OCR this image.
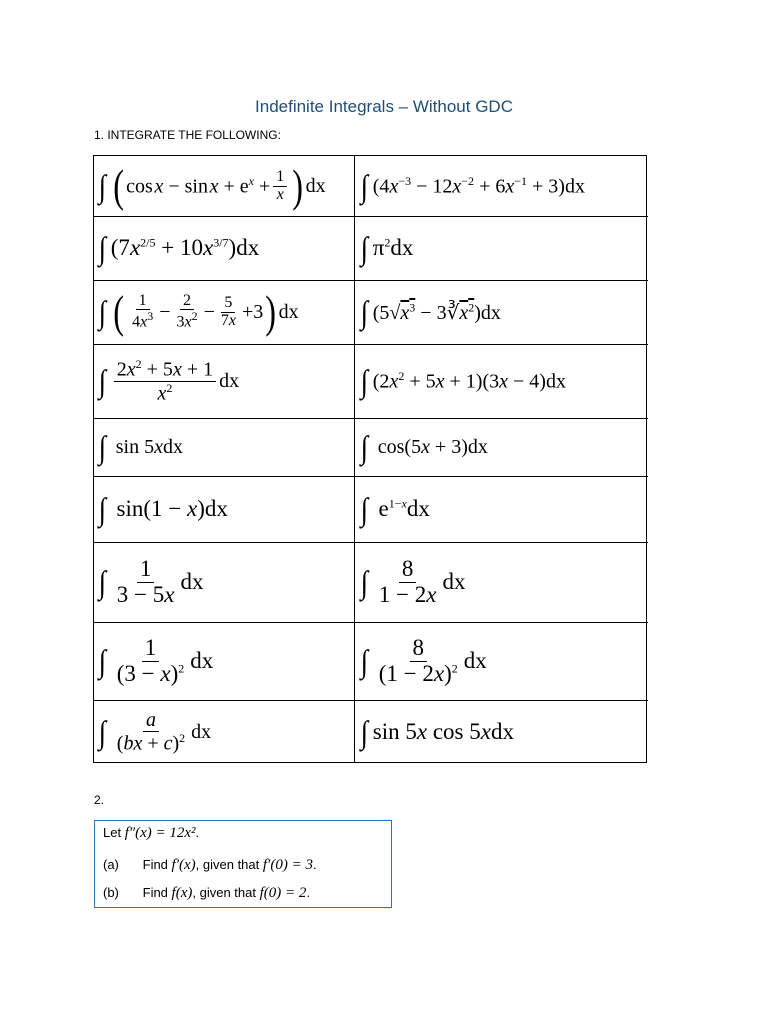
Indefinite Integrals – Without GDC
1. INTEGRATE THE FOLLOWING:
∫ ( cos x − sin $x + e^x + \frac{1}{x}$ ) dx ∫ $(4x^{-3} - 12x^{-2} + 6x^{-1} + 3)dx$
∫ $(7x^{2/5} + 10x^{3/7})dx$	∫ $\pi^2dx$
∫ ( $\frac{1}{4x^3} - \frac{2}{3x^2} - \frac{5}{7x} +3$ ) dx ∫ ($5√x^3$ − $3∛x^2)dx$
∫ $\frac{2x^2 + 5x + 1}{x^2}$ dx	∫ $(2x^2 + 5x + 1)(3x - 4)dx$
∫ sin 5xdx	∫ cos(5x + 3)dx
∫ sin(1 − x)dx	∫ $e^{1-x}dx$
∫ $\frac{1}{3 - 5x}$ dx	∫ $\frac{8}{1 - 2x}$ dx
∫ $\frac{1}{(3 - x)^2}$ dx	∫ $\frac{8}{(1 - 2x)^2}$ dx
∫ $\frac{a}{(bx + c)^2}$ dx	∫ sin 5x cos 5xdx
2.
Let f″(x) = 12x².
(a) Find f′(x), given that f′(0) = 3.
(b) Find f(x), given that f(0) = 2.
